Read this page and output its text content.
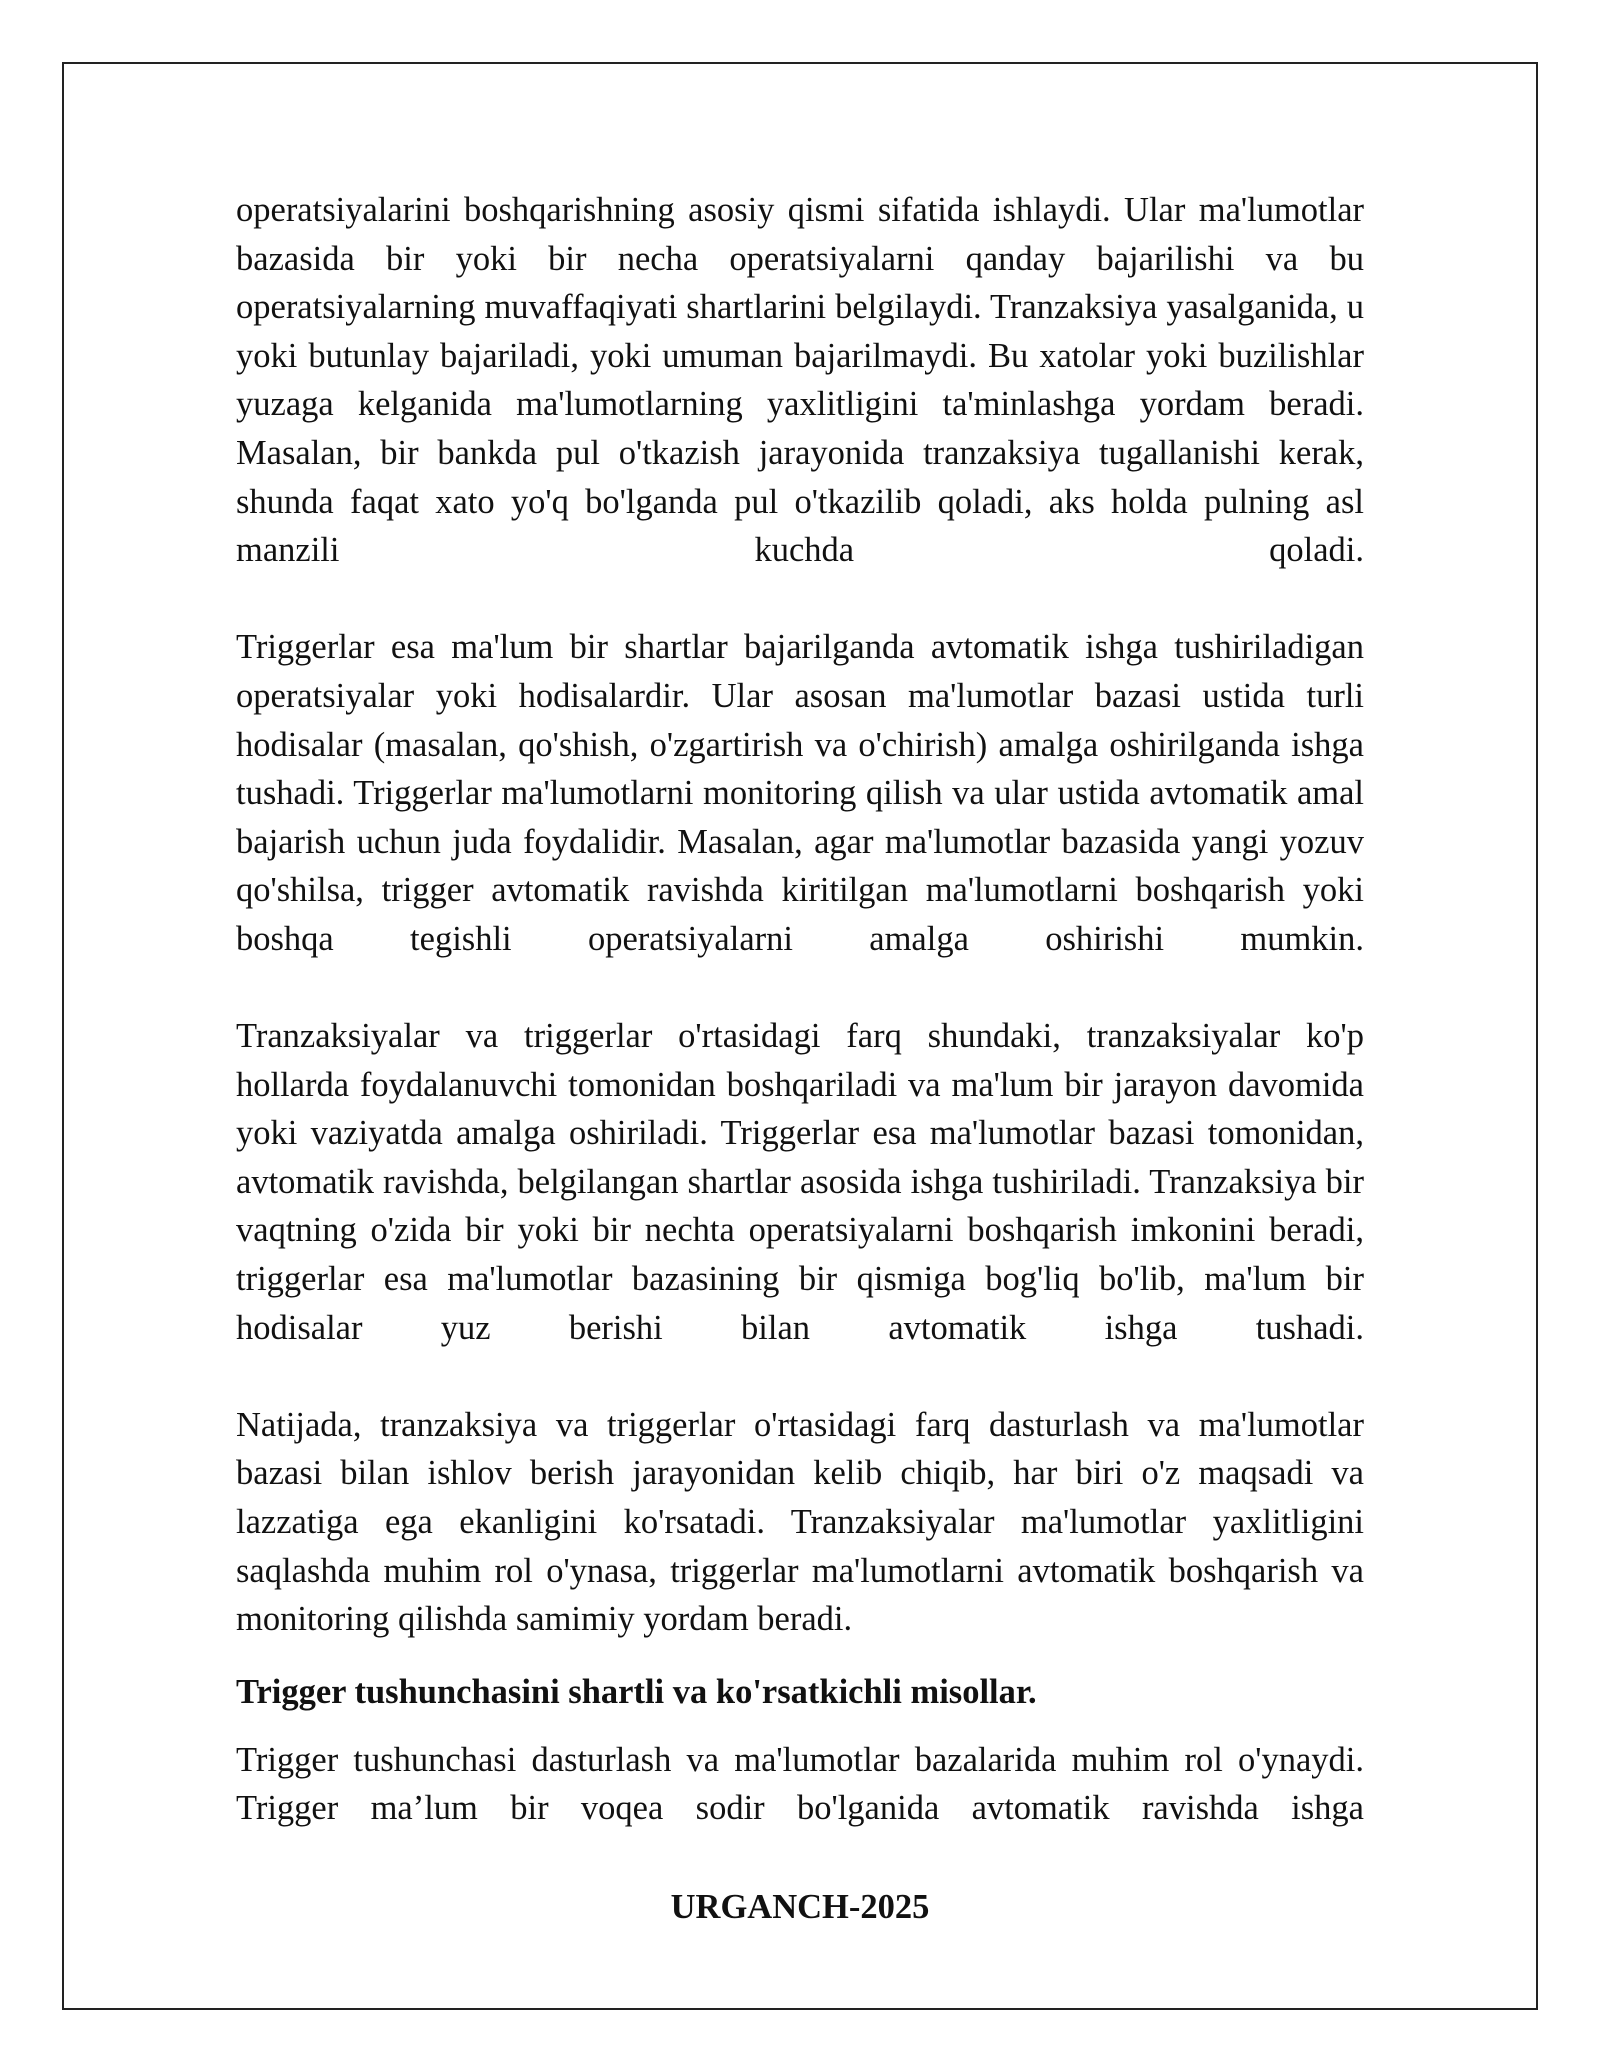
operatsiyalarini boshqarishning asosiy qismi sifatida ishlaydi. Ular ma'lumotlar bazasida bir yoki bir necha operatsiyalarni qanday bajarilishi va bu operatsiyalarning muvaffaqiyati shartlarini belgilaydi. Tranzaksiya yasalganida, u yoki butunlay bajariladi, yoki umuman bajarilmaydi. Bu xatolar yoki buzilishlar yuzaga kelganida ma'lumotlarning yaxlitligini ta'minlashga yordam beradi. Masalan, bir bankda pul o'tkazish jarayonida tranzaksiya tugallanishi kerak, shunda faqat xato yo'q bo'lganda pul o'tkazilib qoladi, aks holda pulning asl manzili kuchda qoladi.

Triggerlar esa ma'lum bir shartlar bajarilganda avtomatik ishga tushiriladigan operatsiyalar yoki hodisalardir. Ular asosan ma'lumotlar bazasi ustida turli hodisalar (masalan, qo'shish, o'zgartirish va o'chirish) amalga oshirilganda ishga tushadi. Triggerlar ma'lumotlarni monitoring qilish va ular ustida avtomatik amal bajarish uchun juda foydalidir. Masalan, agar ma'lumotlar bazasida yangi yozuv qo'shilsa, trigger avtomatik ravishda kiritilgan ma'lumotlarni boshqarish yoki boshqa tegishli operatsiyalarni amalga oshirishi mumkin.

Tranzaksiyalar va triggerlar o'rtasidagi farq shundaki, tranzaksiyalar ko'p hollarda foydalanuvchi tomonidan boshqariladi va ma'lum bir jarayon davomida yoki vaziyatda amalga oshiriladi. Triggerlar esa ma'lumotlar bazasi tomonidan, avtomatik ravishda, belgilangan shartlar asosida ishga tushiriladi. Tranzaksiya bir vaqtning o'zida bir yoki bir nechta operatsiyalarni boshqarish imkonini beradi, triggerlar esa ma'lumotlar bazasining bir qismiga bog'liq bo'lib, ma'lum bir hodisalar yuz berishi bilan avtomatik ishga tushadi.

Natijada, tranzaksiya va triggerlar o'rtasidagi farq dasturlash va ma'lumotlar bazasi bilan ishlov berish jarayonidan kelib chiqib, har biri o'z maqsadi va lazzatiga ega ekanligini ko'rsatadi. Tranzaksiyalar ma'lumotlar yaxlitligini saqlashda muhim rol o'ynasa, triggerlar ma'lumotlarni avtomatik boshqarish va monitoring qilishda samimiy yordam beradi.

Trigger tushunchasini shartli va ko'rsatkichli misollar.

Trigger tushunchasi dasturlash va ma'lumotlar bazalarida muhim rol o'ynaydi. Trigger ma’lum bir voqea sodir bo'lganida avtomatik ravishda ishga

URGANCH-2025
